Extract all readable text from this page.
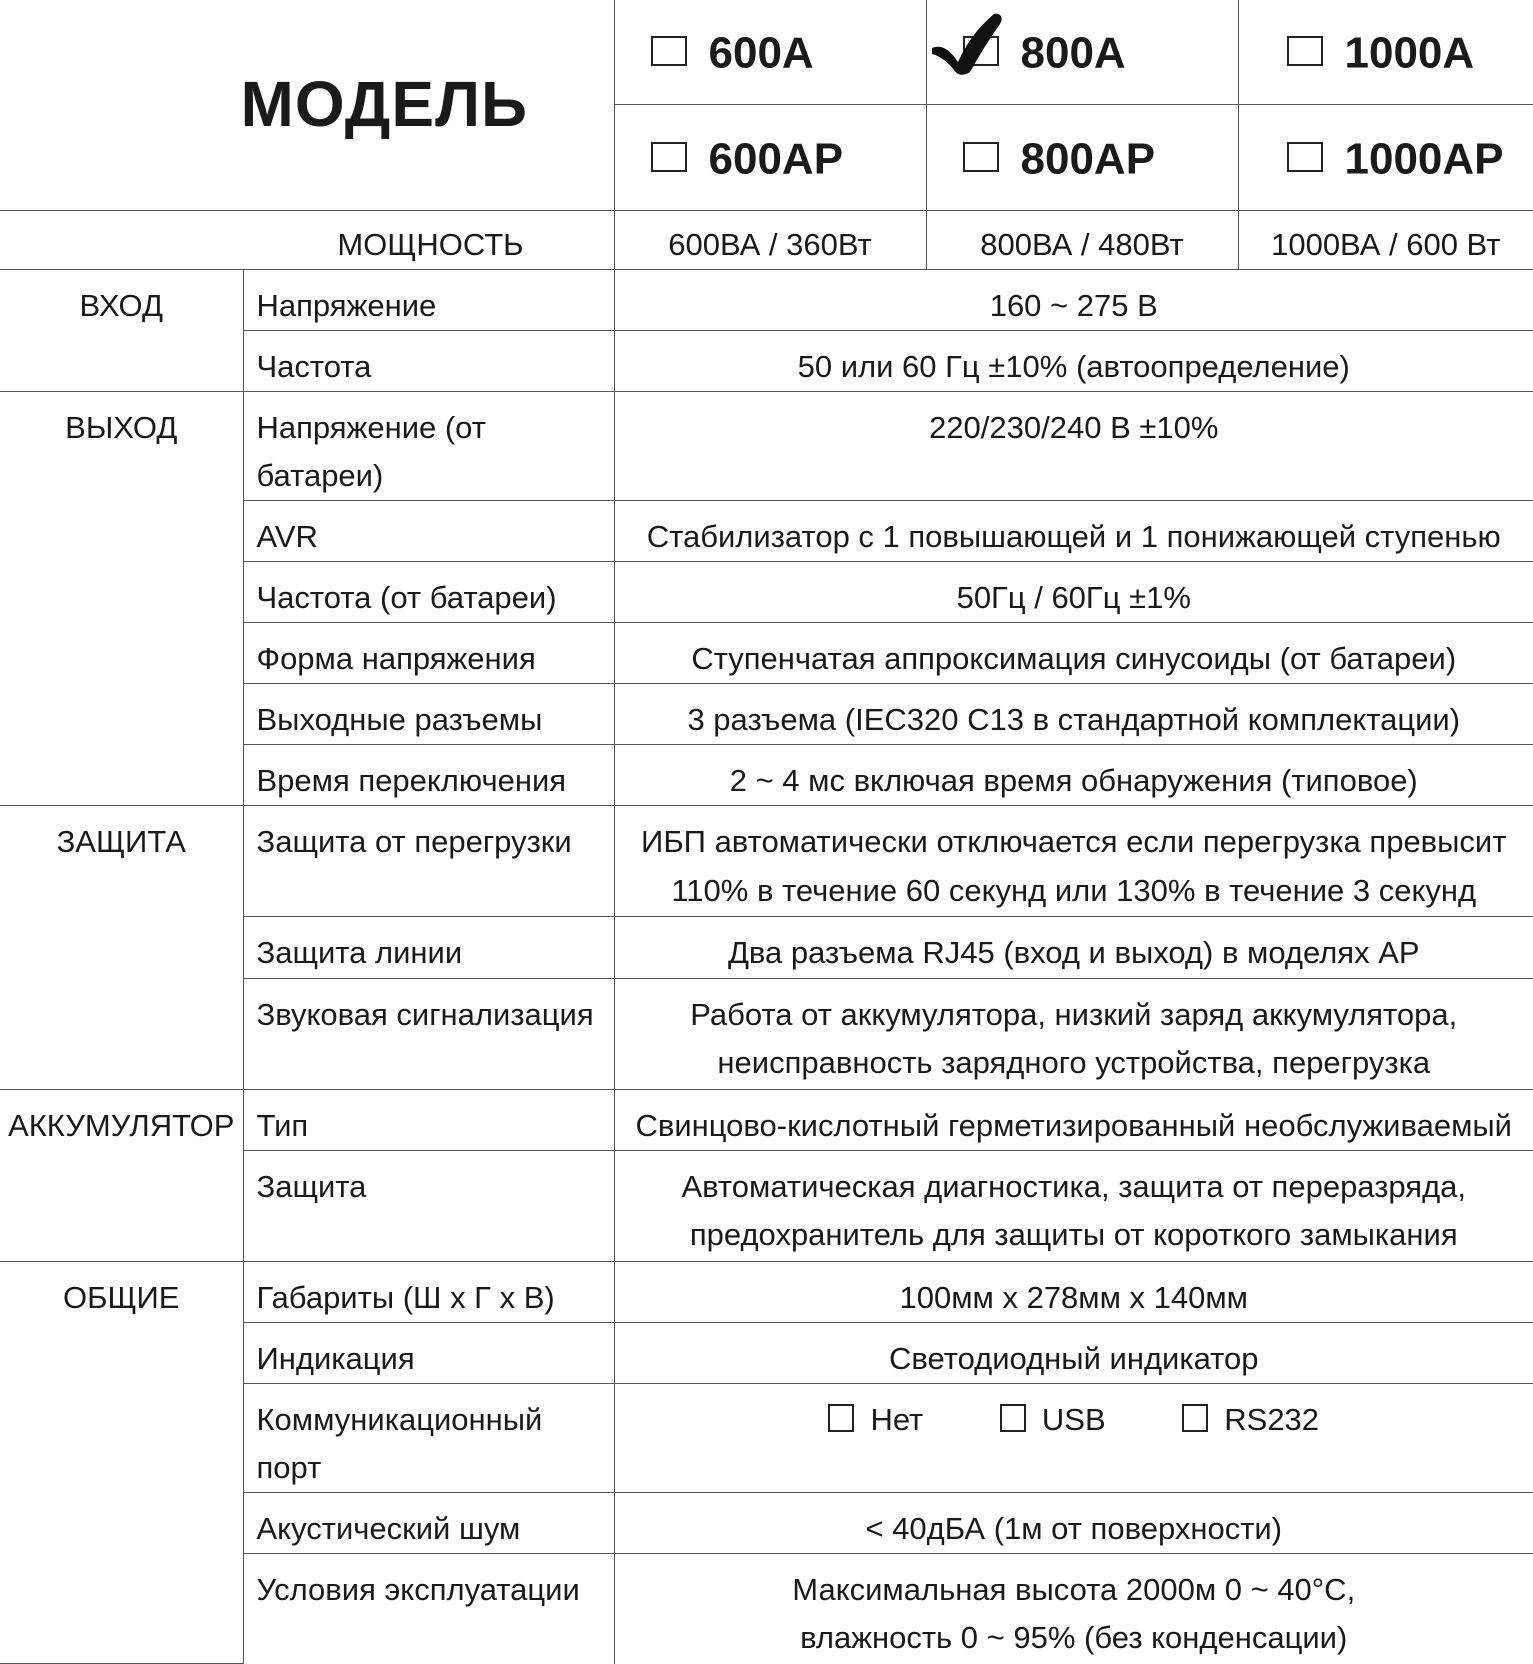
МОДЕЛЬ		600A	800A	1000A
		600AP	800AP	1000AP
МОЩНОСТЬ		600ВА / 360Вт	800ВА / 480Вт	1000ВА / 600 Вт
ВХОД	Напряжение	160 ~ 275 В		
	Частота	50 или 60 Гц ±10% (автоопределение)		
ВЫХОД	Напряжение (от батареи)	220/230/240 В ±10%		
	AVR	Стабилизатор с 1 повышающей и 1 понижающей ступенью		
	Частота (от батареи)	50Гц / 60Гц ±1%		
	Форма напряжения	Ступенчатая аппроксимация синусоиды (от батареи)		
	Выходные разъемы	3 разъема (IEC320 C13 в стандартной комплектации)		
	Время переключения	2 ~ 4 мс включая время обнаружения (типовое)		
ЗАЩИТА	Защита от перегрузки	ИБП автоматически отключается если перегрузка превысит
110% в течение 60 секунд или 130% в течение 3 секунд		

	Защита линии	Два разъема RJ45 (вход и выход) в моделях AP		
	Звуковая сигнализация	Работа от аккумулятора, низкий заряд аккумулятора,
неисправность зарядного устройства, перегрузка		

АККУМУЛЯТОР	Тип	Свинцово-кислотный герметизированный необслуживаемый		
	Защита	Автоматическая диагностика, защита от переразряда,
предохранитель для защиты от короткого замыкания		

ОБЩИЕ	Габариты (Ш x Г x В)	100мм x 278мм x 140мм		
	Индикация	Светодиодный индикатор		
	Коммуникационный порт	Нет USB RS232		
	Акустический шум	< 40дБА (1м от поверхности)		
	Условия эксплуатации	Максимальная высота 2000м 0 ~ 40°С,
влажность 0 ~ 95% (без конденсации)		
